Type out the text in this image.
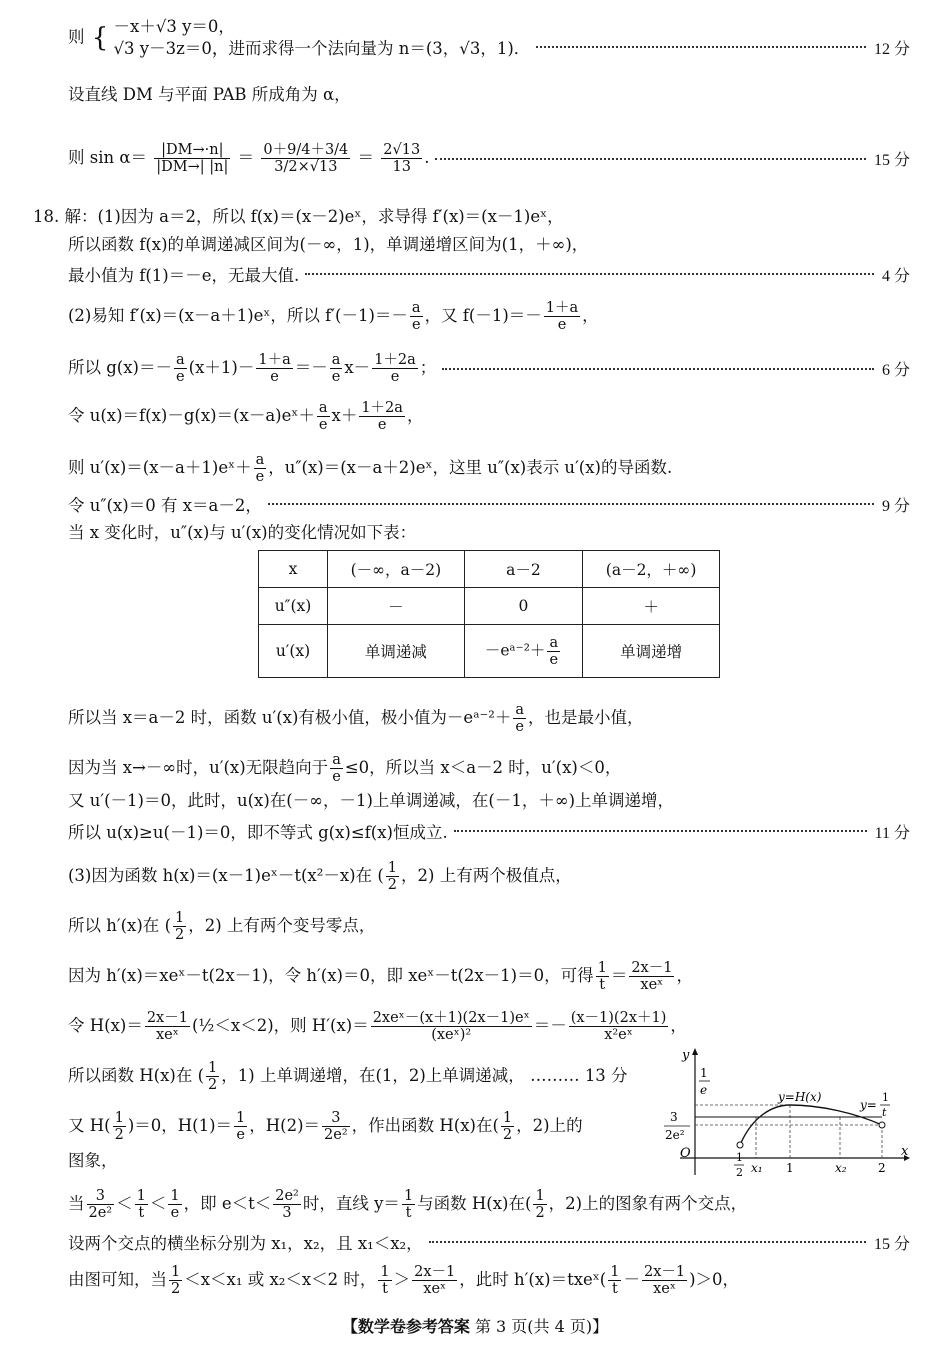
则 { －x＋√3 y＝0，
√3 y－3z＝0，
，进而求得一个法向量为 n＝(3，√3，1)．	12 分
设直线 DM 与平面 PAB 所成角为 α，
则 $\sin \alpha= \frac{|DM\to\cdot n|}{|DM\to| |n|} = \frac{0+9/4+3/4}{3/2\times√13} = \frac{2√13}{13}$ .	15 分
18. 解：(1)因为 a＝2，所以 f(x)＝(x－2)eˣ，求导得 f′(x)＝(x－1)eˣ，
所以函数 f(x)的单调递减区间为(－∞，1)，单调递增区间为(1，＋∞)，
最小值为 f(1)＝－e，无最大值.	4 分
(2)易知 f′(x)＝(x－a＋1)eˣ，所以 $f'(-1)=- \frac{a}{e}$ ，又 $f(-1)=- \frac{1+a}{e}$ ，
所以 $g(x)=- \frac{a}{e} (x+1)- \frac{1+a}{e} =- \frac{a}{e} x- \frac{1+2a}{e}$ ；	6 分
令 u(x)＝f(x)－g(x)＝(x－a)eˣ＋ $\frac{a}{e} x+ \frac{1+2a}{e}$ ，
则 u′(x)＝(x－a＋1)eˣ＋ $\frac{a}{e}$ ，u″(x)＝(x－a＋2)eˣ，这里 u″(x)表示 u′(x)的导函数.
令 u″(x)＝0 有 x＝a－2，	9 分
当 x 变化时，u″(x)与 u′(x)的变化情况如下表：
x	(－∞，a－2)	a－2	(a－2，＋∞)
u″(x)	－	0	＋
u′(x)	单调递减	－eᵃ⁻²＋ $\frac{a}{e}$	单调递增
所以当 x＝a－2 时，函数 u′(x)有极小值，极小值为－eᵃ⁻²＋ $\frac{a}{e}$ ，也是最小值，
因为当 x→－∞时，u′(x)无限趋向于 $\frac{a}{e} \le 0$，所以当 x＜a－2 时，u′(x)＜0，
又 u′(－1)＝0，此时，u(x)在(－∞，－1)上单调递减，在(－1，＋∞)上单调递增，
所以 u(x)≥u(－1)＝0，即不等式 g(x)≤f(x)恒成立.	11 分
(3)因为函数 h(x)＝(x－1)eˣ－t(x²－x)在 ( $\frac{1}{2}$ ，2) 上有两个极值点，
所以 h′(x)在 ( $\frac{1}{2}$ ，2) 上有两个变号零点，
因为 h′(x)＝xeˣ－t(2x－1)，令 h′(x)＝0，即 xeˣ－t(2x－1)＝0，可得 $\frac{1}{t} = \frac{2x-1}{\text{xeˣ}}$ ，
令 $H(x)= \frac{2x-1}{\text{xeˣ}}$ (½＜x＜2)，则 $H'(x)= \frac{\text{2xeˣ－(x＋1)(2x－1)eˣ}}{\text{(xeˣ)²}} =- \frac{(x-1)(2x+1)}{\text{x²eˣ}}$ ，
所以函数 H(x)在 ( $\frac{1}{2}$ ，1) 上单调递增，在(1，2)上单调递减， ……… 13 分
又 $H( \frac{1}{2} )=0$，$H(1)= \frac{1}{e}$ ，$H(2)= \frac{3}{\text{2e²}}$ ，作出函数 H(x)在( $\frac{1}{2}$ ，2)上的
图象，
y
x
O
1
e
3
2e²
y=H(x)
y=
1
t
1
2 x₁ 1	x₂	2
当 $\frac{3}{\text{2e²}} < \frac{1}{t} < \frac{1}{e}$ ，即 $e<t< \frac{\text{2e²}}{3}$ 时，直线 $y= \frac{1}{t}$ 与函数 H(x)在( $\frac{1}{2}$ ，2)上的图象有两个交点，
设两个交点的横坐标分别为 x₁，x₂，且 x₁＜x₂，	15 分
由图可知，当 $\frac{1}{2} <x<x_1$ 或 x₂＜x＜2 时， $\frac{1}{t} > \frac{2x-1}{\text{xeˣ}}$ ，此时 h′(x)＝txeˣ( $\frac{1}{t} - \frac{2x-1}{\text{xeˣ}} )>0$，
【数学卷参考答案 第 3 页(共 4 页)】
